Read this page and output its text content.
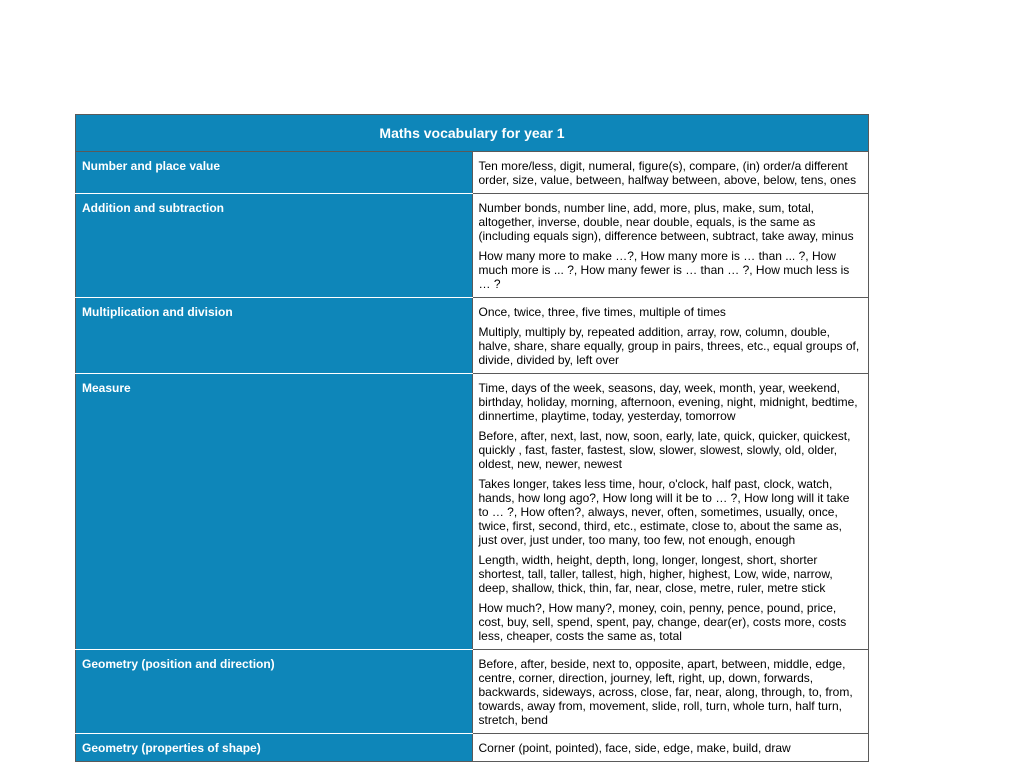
Maths vocabulary for year 1	
Number and place value	Ten more/less, digit, numeral, figure(s), compare, (in) order/a different order, size, value, between, halfway between, above, below, tens, ones

Addition and subtraction	Number bonds, number line, add, more, plus, make, sum, total, altogether, inverse, double, near double, equals, is the same as (including equals sign), difference between, subtract, take away, minus

How many more to make …?, How many more is … than ... ?, How much more is ... ?, How many fewer is … than … ?, How much less is … ?

Multiplication and division	Once, twice, three, five times, multiple of times

Multiply, multiply by, repeated addition, array, row, column, double, halve, share, share equally, group in pairs, threes, etc., equal groups of, divide, divided by, left over

Measure	Time, days of the week, seasons, day, week, month, year, weekend, birthday, holiday, morning, afternoon, evening, night, midnight, bedtime, dinnertime, playtime, today, yesterday, tomorrow

Before, after, next, last, now, soon, early, late, quick, quicker, quickest, quickly , fast, faster, fastest, slow, slower, slowest, slowly, old, older, oldest, new, newer, newest

Takes longer, takes less time, hour, o'clock, half past, clock, watch, hands, how long ago?, How long will it be to … ?, How long will it take to … ?, How often?, always, never, often, sometimes, usually, once, twice, first, second, third, etc., estimate, close to, about the same as, just over, just under, too many, too few, not enough, enough

Length, width, height, depth, long, longer, longest, short, shorter shortest, tall, taller, tallest, high, higher, highest, Low, wide, narrow, deep, shallow, thick, thin, far, near, close, metre, ruler, metre stick

How much?, How many?, money, coin, penny, pence, pound, price, cost, buy, sell, spend, spent, pay, change, dear(er), costs more, costs less, cheaper, costs the same as, total

Geometry (position and direction)	Before, after, beside, next to, opposite, apart, between, middle, edge, centre, corner, direction, journey, left, right, up, down, forwards, backwards, sideways, across, close, far, near, along, through, to, from, towards, away from, movement, slide, roll, turn, whole turn, half turn, stretch, bend

Geometry (properties of shape)	Corner (point, pointed), face, side, edge, make, build, draw
